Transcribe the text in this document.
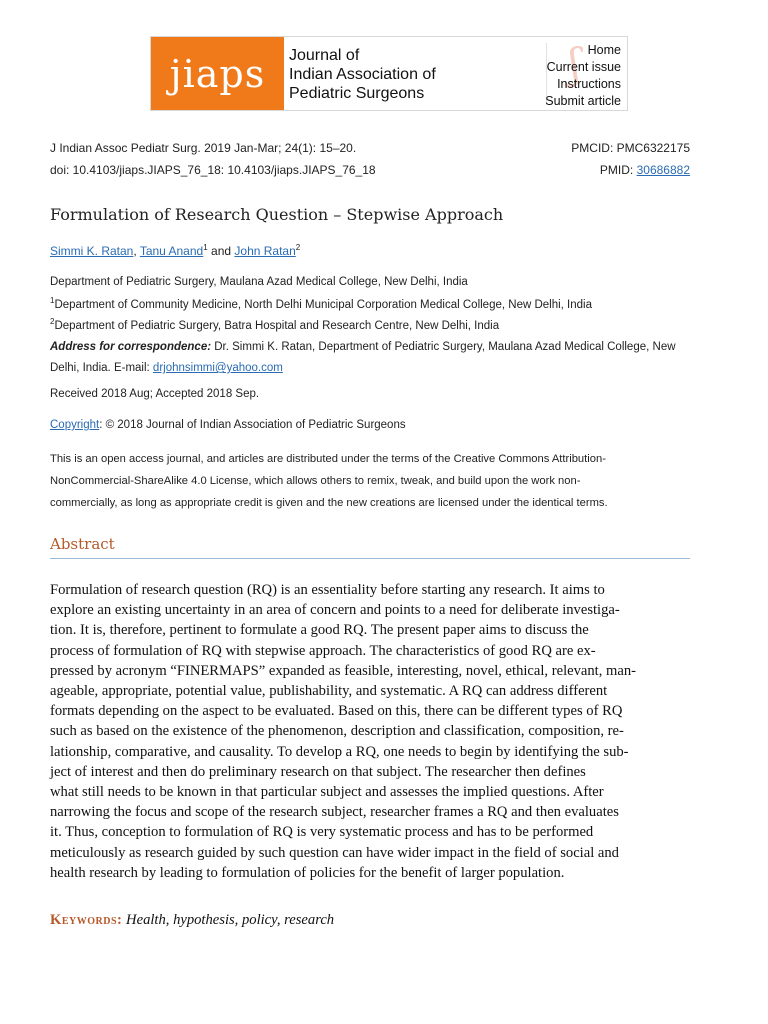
jiaps	Journal of
Indian Association of
Pediatric Surgeons
ʃ Home
Current issue
Instructions
Submit article
J Indian Assoc Pediatr Surg. 2019 Jan-Mar; 24(1): 15–20.
doi: 10.4103/jiaps.JIAPS_76_18: 10.4103/jiaps.JIAPS_76_18
PMCID: PMC6322175
PMID: 30686882
Formulation of Research Question – Stepwise Approach
Simmi K. Ratan, Tanu Anand$^1$ and John Ratan$^2$
Department of Pediatric Surgery, Maulana Azad Medical College, New Delhi, India
$^1$Department of Community Medicine, North Delhi Municipal Corporation Medical College, New Delhi, India
$^2$Department of Pediatric Surgery, Batra Hospital and Research Centre, New Delhi, India
Address for correspondence: Dr. Simmi K. Ratan, Department of Pediatric Surgery, Maulana Azad Medical College, New Delhi, India. E-mail: drjohnsimmi@yahoo.com
Received 2018 Aug; Accepted 2018 Sep.
Copyright: © 2018 Journal of Indian Association of Pediatric Surgeons
This is an open access journal, and articles are distributed under the terms of the Creative Commons Attribution-
NonCommercial-ShareAlike 4.0 License, which allows others to remix, tweak, and build upon the work non-
commercially, as long as appropriate credit is given and the new creations are licensed under the identical terms.
Abstract
Formulation of research question (RQ) is an essentiality before starting any research. It aims to
explore an existing uncertainty in an area of concern and points to a need for deliberate investiga-
tion. It is, therefore, pertinent to formulate a good RQ. The present paper aims to discuss the
process of formulation of RQ with stepwise approach. The characteristics of good RQ are ex-
pressed by acronym “FINERMAPS” expanded as feasible, interesting, novel, ethical, relevant, man-
ageable, appropriate, potential value, publishability, and systematic. A RQ can address different
formats depending on the aspect to be evaluated. Based on this, there can be different types of RQ
such as based on the existence of the phenomenon, description and classification, composition, re-
lationship, comparative, and causality. To develop a RQ, one needs to begin by identifying the sub-
ject of interest and then do preliminary research on that subject. The researcher then defines
what still needs to be known in that particular subject and assesses the implied questions. After
narrowing the focus and scope of the research subject, researcher frames a RQ and then evaluates
it. Thus, conception to formulation of RQ is very systematic process and has to be performed
meticulously as research guided by such question can have wider impact in the field of social and
health research by leading to formulation of policies for the benefit of larger population.
Keywords: Health, hypothesis, policy, research
